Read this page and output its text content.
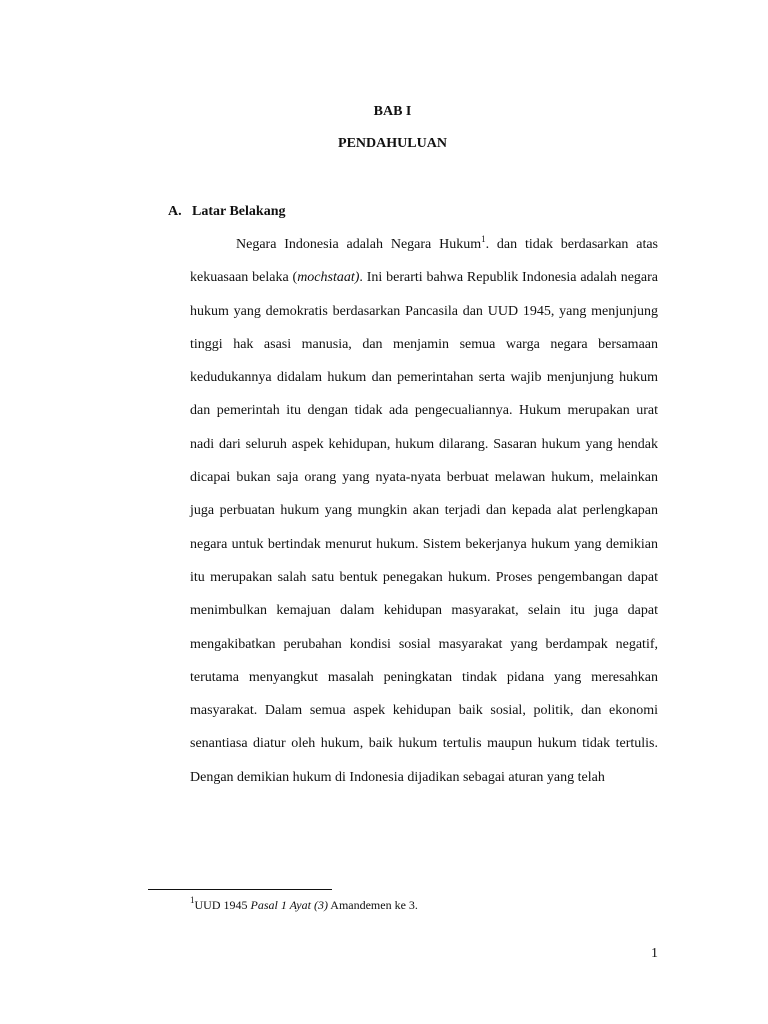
BAB I
PENDAHULUAN
A. Latar Belakang

Negara Indonesia adalah Negara Hukum$^1$. dan tidak berdasarkan atas kekuasaan belaka (mochstaat). Ini berarti bahwa Republik Indonesia adalah negara hukum yang demokratis berdasarkan Pancasila dan UUD 1945, yang menjunjung tinggi hak asasi manusia, dan menjamin semua warga negara bersamaan kedudukannya didalam hukum dan pemerintahan serta wajib menjunjung hukum dan pemerintah itu dengan tidak ada pengecualiannya. Hukum merupakan urat nadi dari seluruh aspek kehidupan, hukum dilarang. Sasaran hukum yang hendak dicapai bukan saja orang yang nyata-nyata berbuat melawan hukum, melainkan juga perbuatan hukum yang mungkin akan terjadi dan kepada alat perlengkapan negara untuk bertindak menurut hukum. Sistem bekerjanya hukum yang demikian itu merupakan salah satu bentuk penegakan hukum. Proses pengembangan dapat menimbulkan kemajuan dalam kehidupan masyarakat, selain itu juga dapat mengakibatkan perubahan kondisi sosial masyarakat yang berdampak negatif, terutama menyangkut masalah peningkatan tindak pidana yang meresahkan masyarakat. Dalam semua aspek kehidupan baik sosial, politik, dan ekonomi senantiasa diatur oleh hukum, baik hukum tertulis maupun hukum tidak tertulis. Dengan demikian hukum di Indonesia dijadikan sebagai aturan yang telah

$^1$UUD 1945 Pasal 1 Ayat (3) Amandemen ke 3.
1
